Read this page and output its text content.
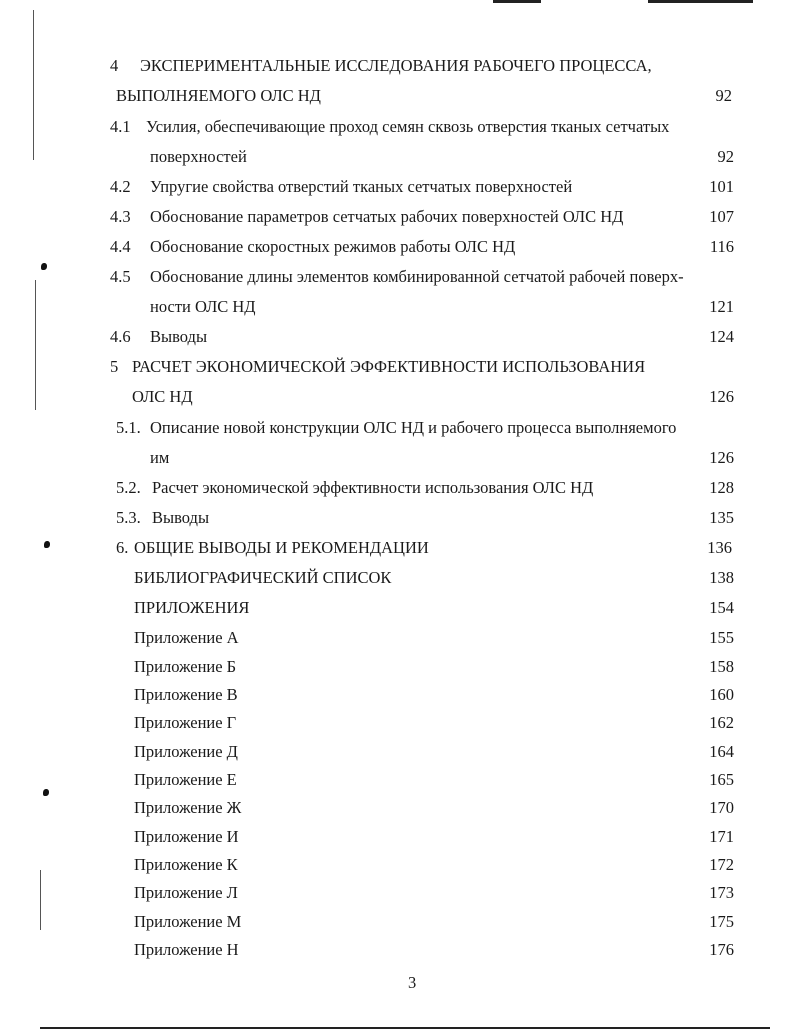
4 ЭКСПЕРИМЕНТАЛЬНЫЕ ИССЛЕДОВАНИЯ РАБОЧЕГО ПРОЦЕССА,
ВЫПОЛНЯЕМОГО ОЛС НД	92
4.1 Усилия, обеспечивающие проход семян сквозь отверстия тканых сетчатых
поверхностей	92
4.2 Упругие свойства отверстий тканых сетчатых поверхностей	101
4.3 Обоснование параметров сетчатых рабочих поверхностей ОЛС НД	107
4.4 Обоснование скоростных режимов работы ОЛС НД	116
4.5 Обоснование длины элементов комбинированной сетчатой рабочей поверх-
ности ОЛС НД	121
4.6 Выводы	124
5 РАСЧЕТ ЭКОНОМИЧЕСКОЙ ЭФФЕКТИВНОСТИ ИСПОЛЬЗОВАНИЯ
ОЛС НД	126
5.1. Описание новой конструкции ОЛС НД и рабочего процесса выполняемого
им	126
5.2. Расчет экономической эффективности использования ОЛС НД	128
5.3. Выводы	135
6. ОБЩИЕ ВЫВОДЫ И РЕКОМЕНДАЦИИ	136
БИБЛИОГРАФИЧЕСКИЙ СПИСОК	138
ПРИЛОЖЕНИЯ	154
Приложение А	155
Приложение Б	158
Приложение В	160
Приложение Г	162
Приложение Д	164
Приложение Е	165
Приложение Ж	170
Приложение И	171
Приложение К	172
Приложение Л	173
Приложение М	175
Приложение Н	176
3
